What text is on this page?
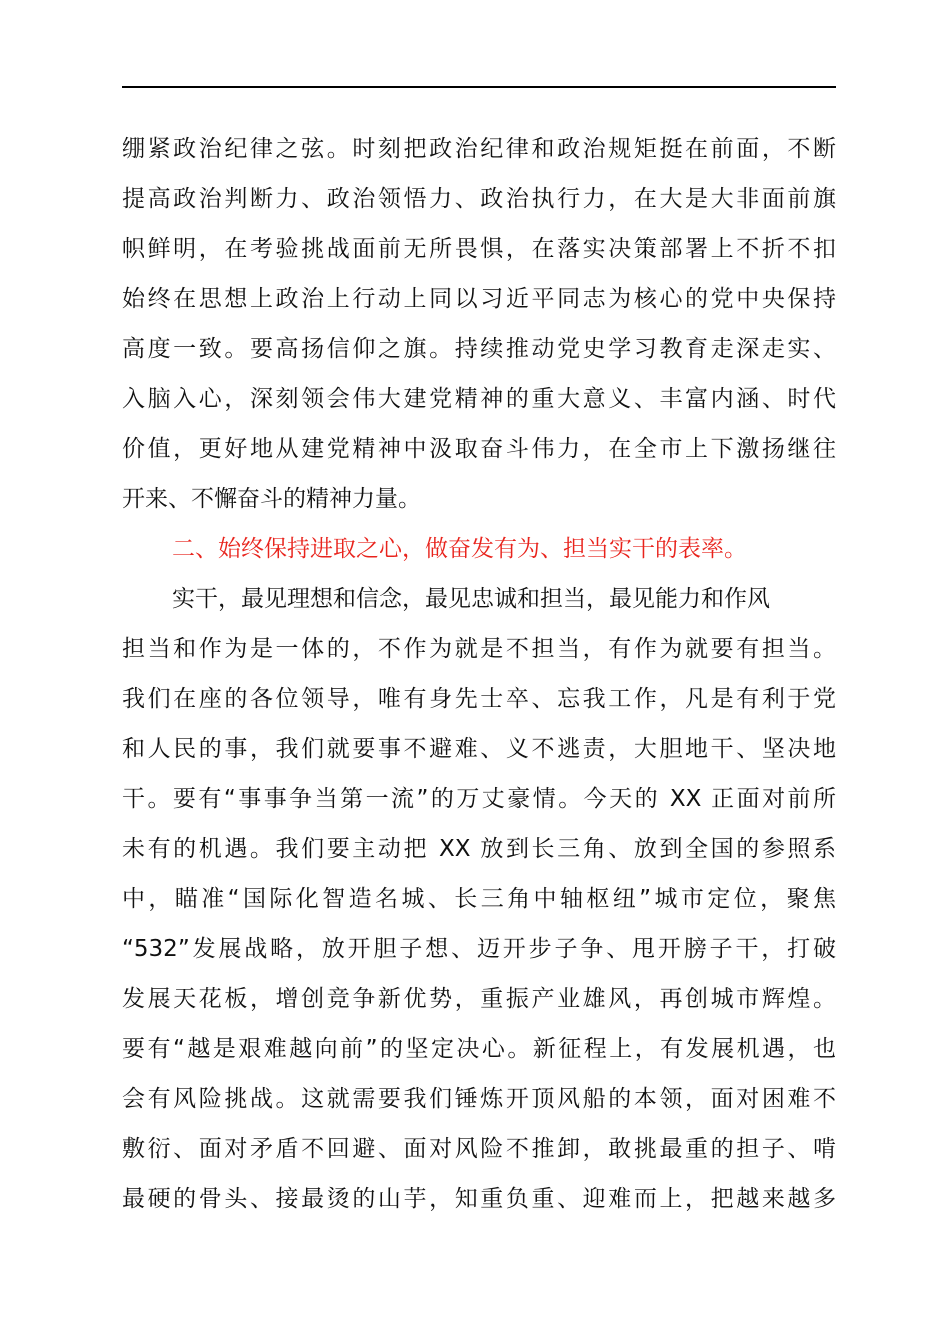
绷紧政治纪律之弦。时刻把政治纪律和政治规矩挺在前面，不断
提高政治判断力、政治领悟力、政治执行力，在大是大非面前旗
帜鲜明，在考验挑战面前无所畏惧，在落实决策部署上不折不扣
始终在思想上政治上行动上同以习近平同志为核心的党中央保持
高度一致。要高扬信仰之旗。持续推动党史学习教育走深走实、
入脑入心，深刻领会伟大建党精神的重大意义、丰富内涵、时代
价值，更好地从建党精神中汲取奋斗伟力，在全市上下激扬继往
开来、不懈奋斗的精神力量。
二、始终保持进取之心，做奋发有为、担当实干的表率。
实干，最见理想和信念，最见忠诚和担当，最见能力和作风
担当和作为是一体的，不作为就是不担当，有作为就要有担当。
我们在座的各位领导，唯有身先士卒、忘我工作，凡是有利于党
和人民的事，我们就要事不避难、义不逃责，大胆地干、坚决地
干。要有“事事争当第一流”的万丈豪情。今天的 XX 正面对前所
未有的机遇。我们要主动把 XX 放到长三角、放到全国的参照系
中，瞄准“国际化智造名城、长三角中轴枢纽”城市定位，聚焦
“532”发展战略，放开胆子想、迈开步子争、甩开膀子干，打破
发展天花板，增创竞争新优势，重振产业雄风，再创城市辉煌。
要有“越是艰难越向前”的坚定决心。新征程上，有发展机遇，也
会有风险挑战。这就需要我们锤炼开顶风船的本领，面对困难不
敷衍、面对矛盾不回避、面对风险不推卸，敢挑最重的担子、啃
最硬的骨头、接最烫的山芋，知重负重、迎难而上，把越来越多
